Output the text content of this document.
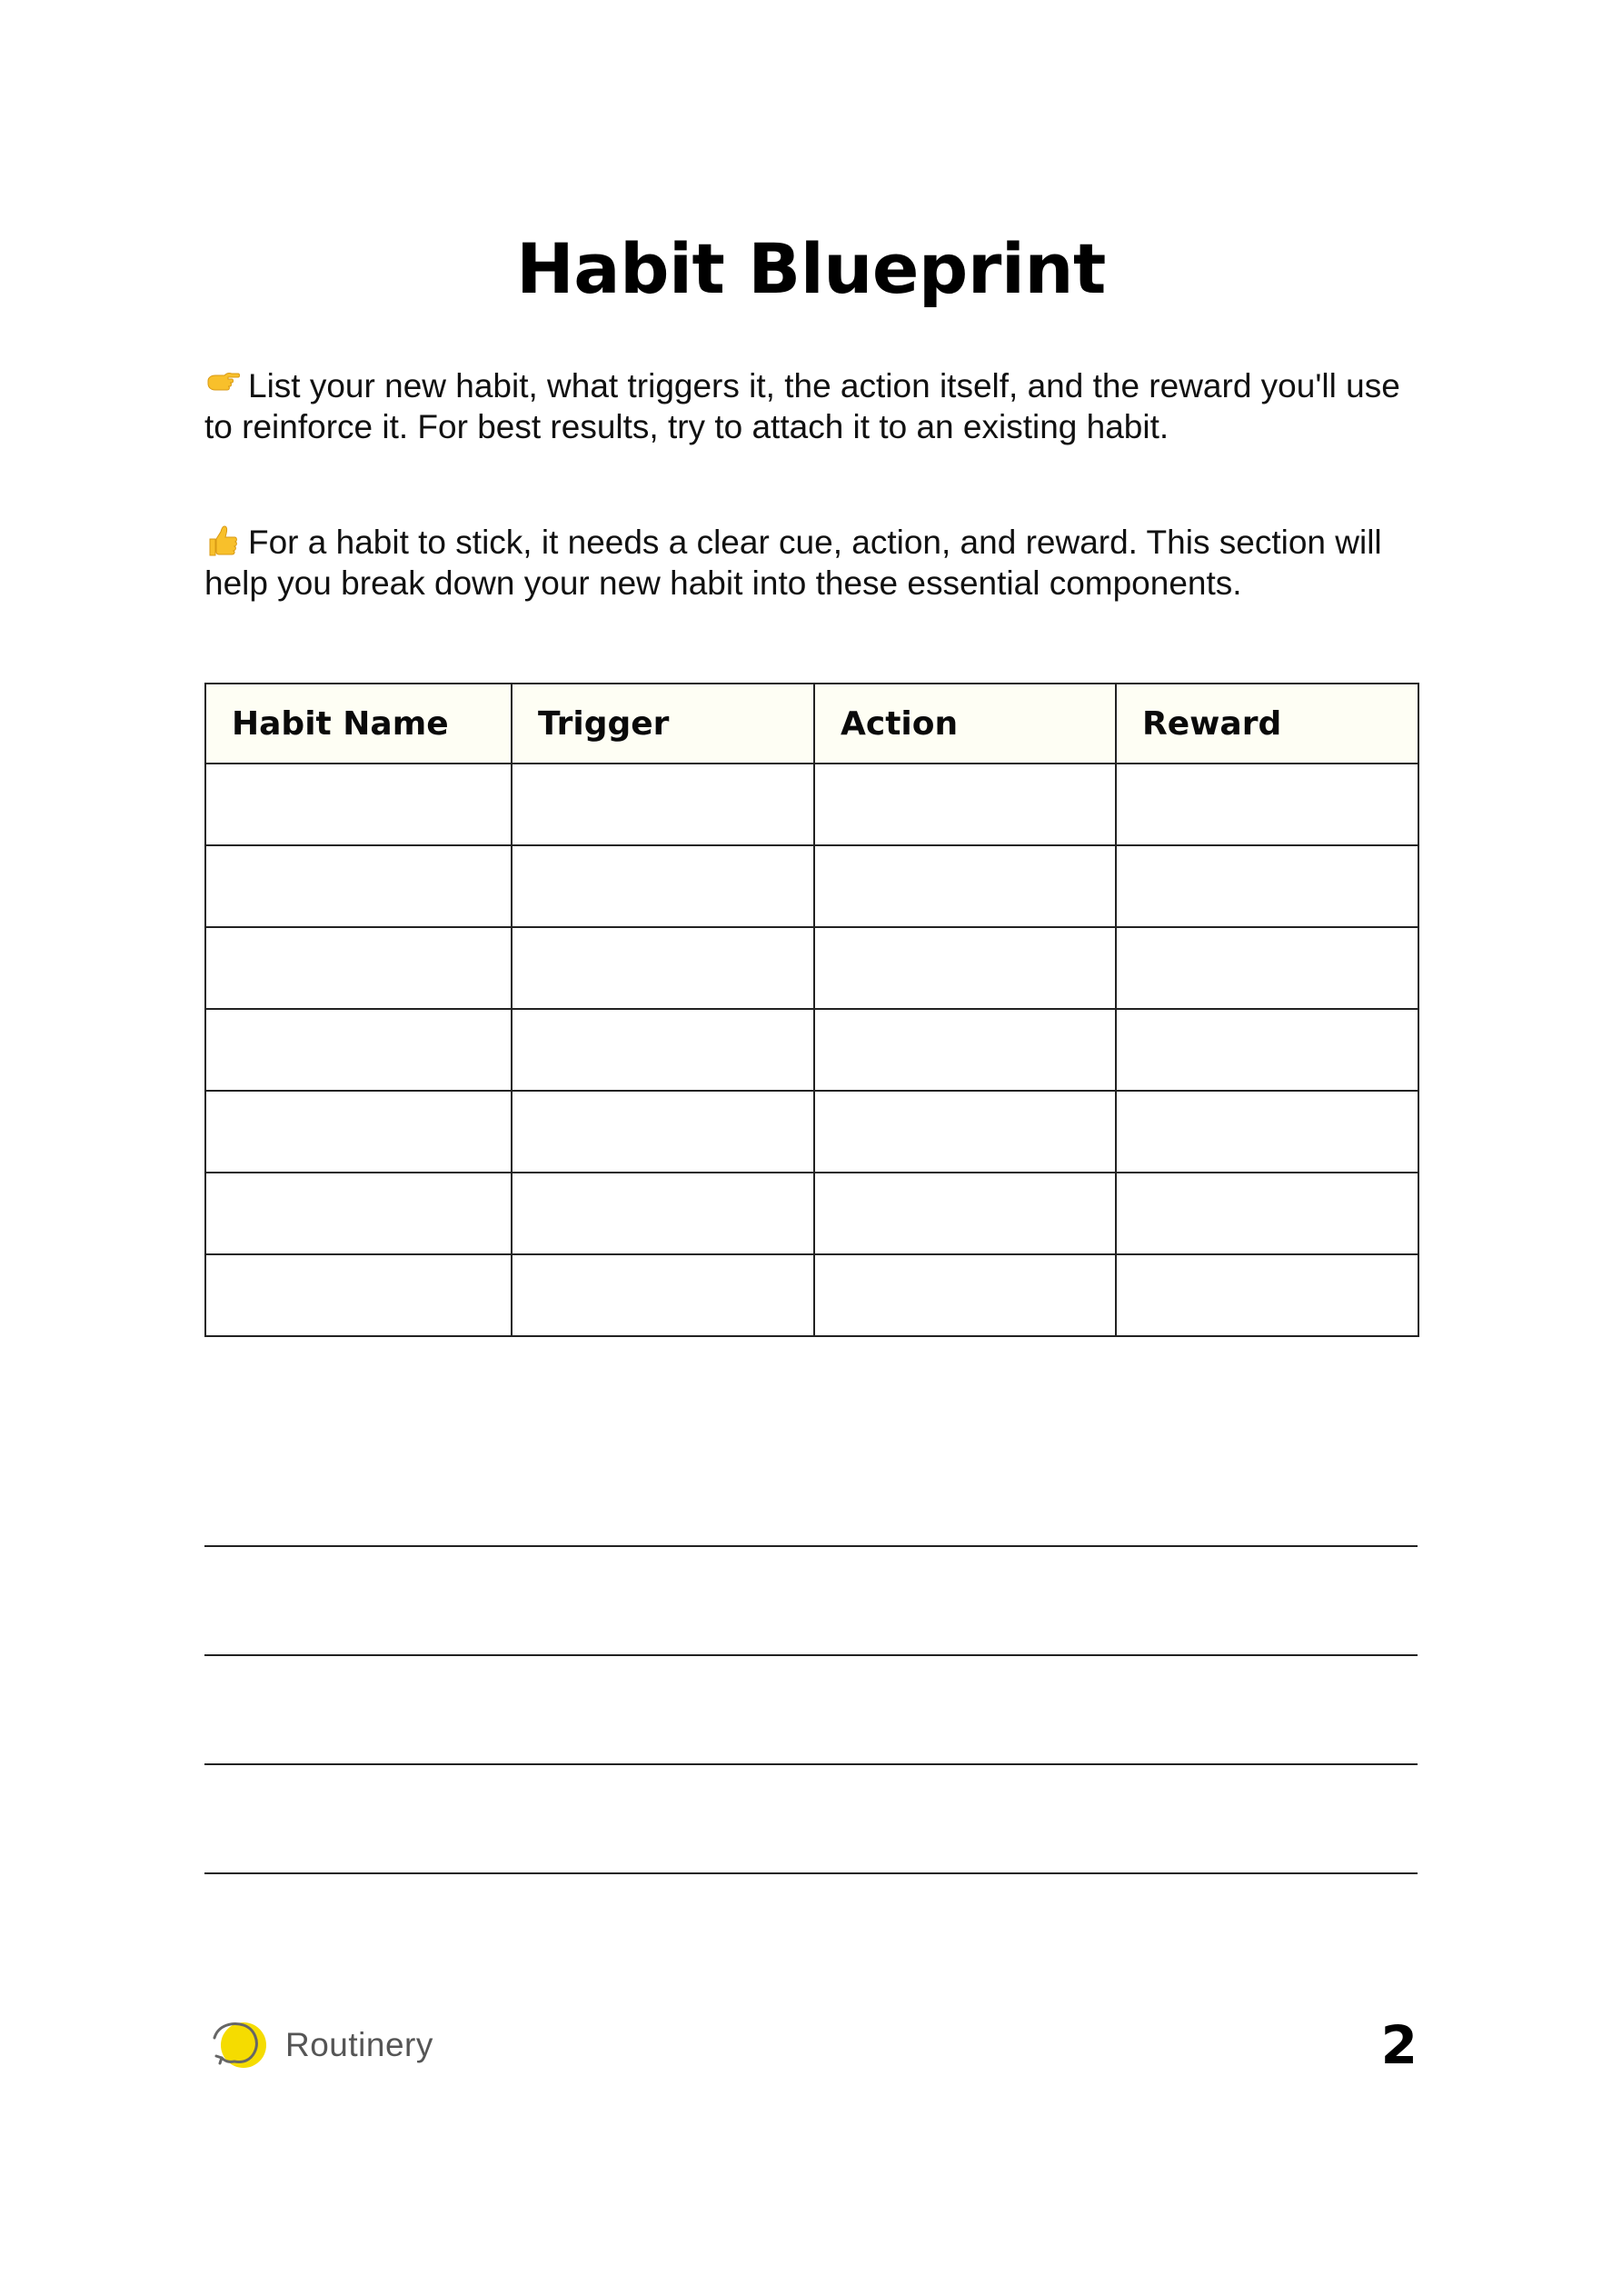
Habit Blueprint

List your new habit, what triggers it, the action itself, and the reward you'll use to reinforce it. For best results, try to attach it to an existing habit.

For a habit to stick, it needs a clear cue, action, and reward. This section will help you break down your new habit into these essential components.

Habit Name	Trigger	Action	Reward

Routinery	2
